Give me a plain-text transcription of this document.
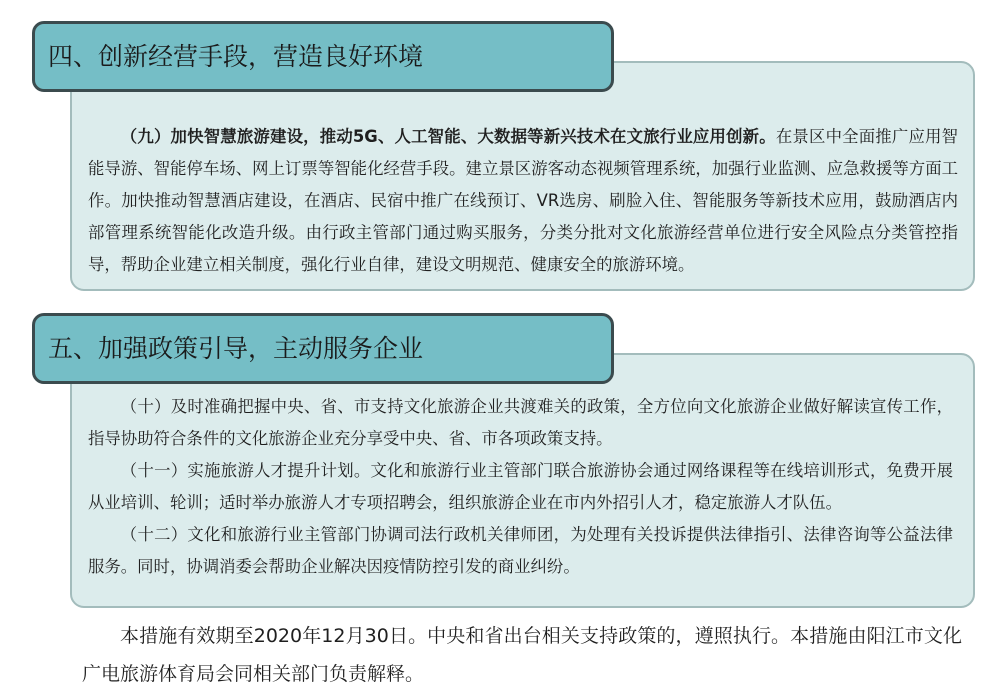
四、创新经营手段，营造良好环境
（九）加快智慧旅游建设，推动5G、人工智能、大数据等新兴技术在文旅行业应用创新。在景区中全面推广应用智能导游、智能停车场、网上订票等智能化经营手段。建立景区游客动态视频管理系统，加强行业监测、应急救援等方面工作。加快推动智慧酒店建设，在酒店、民宿中推广在线预订、VR选房、刷脸入住、智能服务等新技术应用，鼓励酒店内部管理系统智能化改造升级。由行政主管部门通过购买服务，分类分批对文化旅游经营单位进行安全风险点分类管控指导，帮助企业建立相关制度，强化行业自律，建设文明规范、健康安全的旅游环境。
五、加强政策引导，主动服务企业
（十）及时准确把握中央、省、市支持文化旅游企业共渡难关的政策，全方位向文化旅游企业做好解读宣传工作，指导协助符合条件的文化旅游企业充分享受中央、省、市各项政策支持。
（十一）实施旅游人才提升计划。文化和旅游行业主管部门联合旅游协会通过网络课程等在线培训形式，免费开展从业培训、轮训；适时举办旅游人才专项招聘会，组织旅游企业在市内外招引人才，稳定旅游人才队伍。
（十二）文化和旅游行业主管部门协调司法行政机关律师团，为处理有关投诉提供法律指引、法律咨询等公益法律服务。同时，协调消委会帮助企业解决因疫情防控引发的商业纠纷。
本措施有效期至2020年12月30日。中央和省出台相关支持政策的，遵照执行。本措施由阳江市文化广电旅游体育局会同相关部门负责解释。
